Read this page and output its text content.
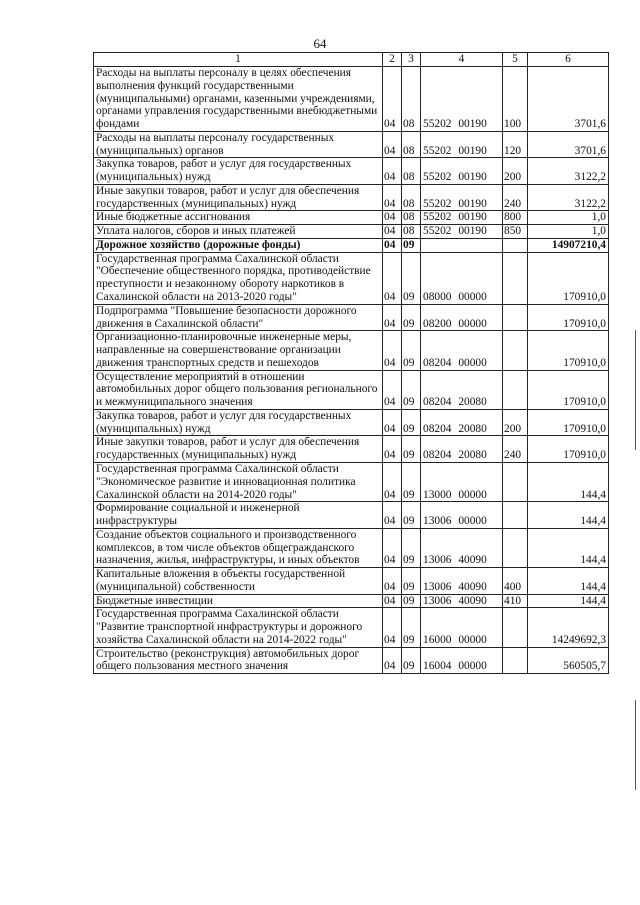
64
1	2	3	4	5	6
Расходы на выплаты персоналу в целях обеспечения выполнения функций государственными (муниципальными) органами, казенными учреждениями, органами управления государственными внебюджетными фондами	04	08	55202 00190	100	3701,6
Расходы на выплаты персоналу государственных (муниципальных) органов	04	08	55202 00190	120	3701,6
Закупка товаров, работ и услуг для государственных (муниципальных) нужд	04	08	55202 00190	200	3122,2
Иные закупки товаров, работ и услуг для обеспечения государственных (муниципальных) нужд	04	08	55202 00190	240	3122,2
Иные бюджетные ассигнования	04	08	55202 00190	800	1,0
Уплата налогов, сборов и иных платежей	04	08	55202 00190	850	1,0
Дорожное хозяйство (дорожные фонды)	04	09			14907210,4
Государственная программа Сахалинской области "Обеспечение общественного порядка, противодействие преступности и незаконному обороту наркотиков в Сахалинской области на 2013-2020 годы"	04	09	08000 00000		170910,0
Подпрограмма "Повышение безопасности дорожного движения в Сахалинской области"	04	09	08200 00000		170910,0
Организационно-планировочные инженерные меры, направленные на совершенствование организации движения транспортных средств и пешеходов	04	09	08204 00000		170910,0
Осуществление мероприятий в отношении автомобильных дорог общего пользования регионального и межмуниципального значения	04	09	08204 20080		170910,0
Закупка товаров, работ и услуг для государственных (муниципальных) нужд	04	09	08204 20080	200	170910,0
Иные закупки товаров, работ и услуг для обеспечения государственных (муниципальных) нужд	04	09	08204 20080	240	170910,0
Государственная программа Сахалинской области "Экономическое развитие и инновационная политика Сахалинской области на 2014-2020 годы"	04	09	13000 00000		144,4
Формирование социальной и инженерной инфраструктуры	04	09	13006 00000		144,4
Создание объектов социального и производственного комплексов, в том числе объектов общегражданского назначения, жилья, инфраструктуры, и иных объектов	04	09	13006 40090		144,4
Капитальные вложения в объекты государственной (муниципальной) собственности	04	09	13006 40090	400	144,4
Бюджетные инвестиции	04	09	13006 40090	410	144,4
Государственная программа Сахалинской области "Развитие транспортной инфраструктуры и дорожного хозяйства Сахалинской области на 2014-2022 годы"	04	09	16000 00000		14249692,3
Строительство (реконструкция) автомобильных дорог общего пользования местного значения	04	09	16004 00000		560505,7
